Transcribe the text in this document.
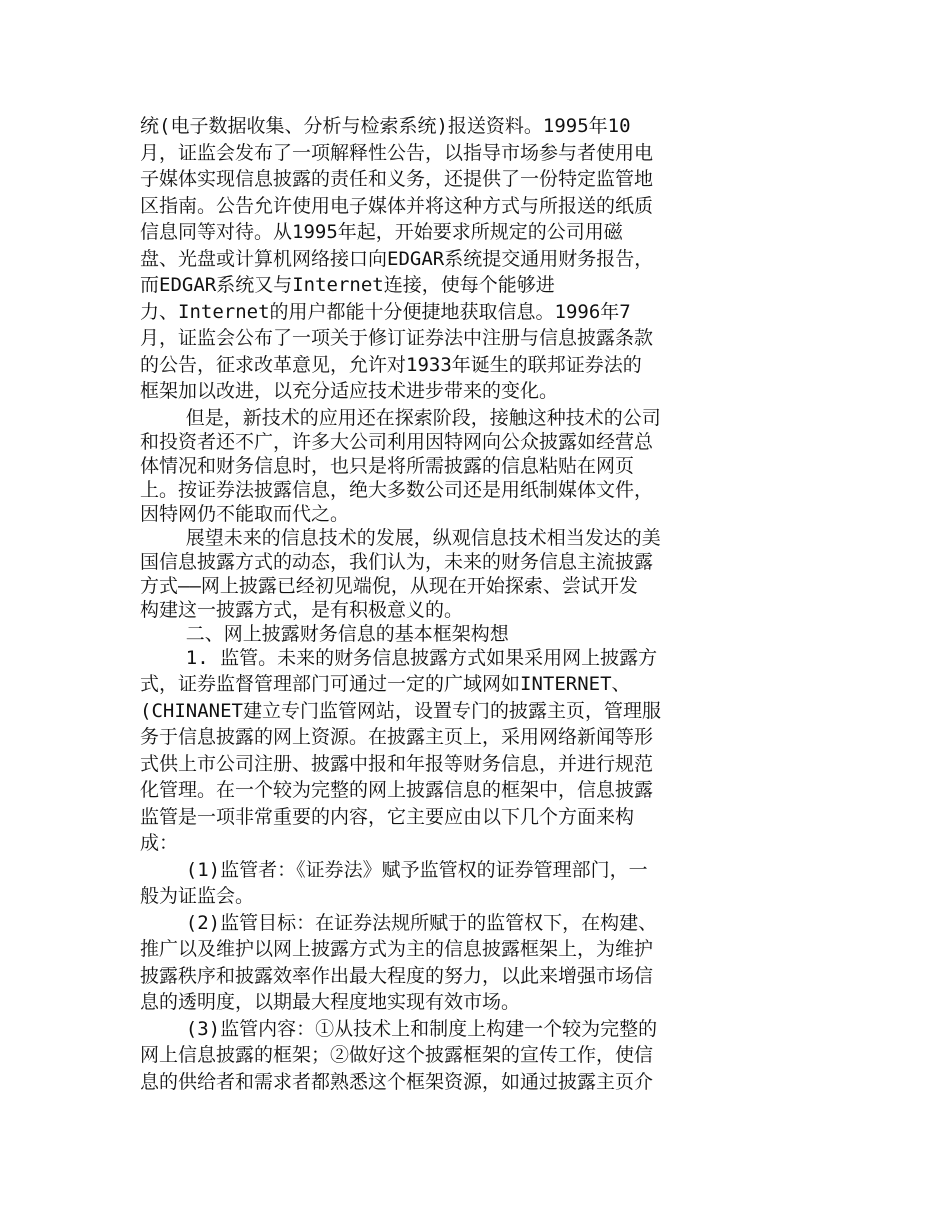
统(电子数据收集、分析与检索系统)报送资料。1995年10
月，证监会发布了一项解释性公告，以指导市场参与者使用电
子媒体实现信息披露的责任和义务，还提供了一份特定监管地
区指南。公告允许使用电子媒体并将这种方式与所报送的纸质
信息同等对待。从1995年起，开始要求所规定的公司用磁
盘、光盘或计算机网络接口向EDGAR系统提交通用财务报告，
而EDGAR系统又与Internet连接，使每个能够进
力、Internet的用户都能十分便捷地获取信息。1996年7
月，证监会公布了一项关于修订证券法中注册与信息披露条款
的公告，征求改革意见，允许对1933年诞生的联邦证券法的
框架加以改进，以充分适应技术进步带来的变化。
但是，新技术的应用还在探索阶段，接触这种技术的公司
和投资者还不广，许多大公司利用因特网向公众披露如经营总
体情况和财务信息时，也只是将所需披露的信息粘贴在网页
上。按证券法披露信息，绝大多数公司还是用纸制媒体文件，
因特网仍不能取而代之。
展望未来的信息技术的发展，纵观信息技术相当发达的美
国信息披露方式的动态，我们认为，未来的财务信息主流披露
方式——网上披露已经初见端倪，从现在开始探索、尝试开发
构建这一披露方式，是有积极意义的。
二、网上披露财务信息的基本框架构想
1. 监管。未来的财务信息披露方式如果采用网上披露方
式，证券监督管理部门可通过一定的广域网如INTERNET、
(CHINANET建立专门监管网站，设置专门的披露主页，管理服
务于信息披露的网上资源。在披露主页上，采用网络新闻等形
式供上市公司注册、披露中报和年报等财务信息，并进行规范
化管理。在一个较为完整的网上披露信息的框架中，信息披露
监管是一项非常重要的内容，它主要应由以下几个方面来构
成：
(1)监管者：《证券法》赋予监管权的证券管理部门，一
般为证监会。
(2)监管目标：在证券法规所赋于的监管权下，在构建、
推广以及维护以网上披露方式为主的信息披露框架上，为维护
披露秩序和披露效率作出最大程度的努力，以此来增强市场信
息的透明度，以期最大程度地实现有效市场。
(3)监管内容：①从技术上和制度上构建一个较为完整的
网上信息披露的框架；②做好这个披露框架的宣传工作，使信
息的供给者和需求者都熟悉这个框架资源，如通过披露主页介
